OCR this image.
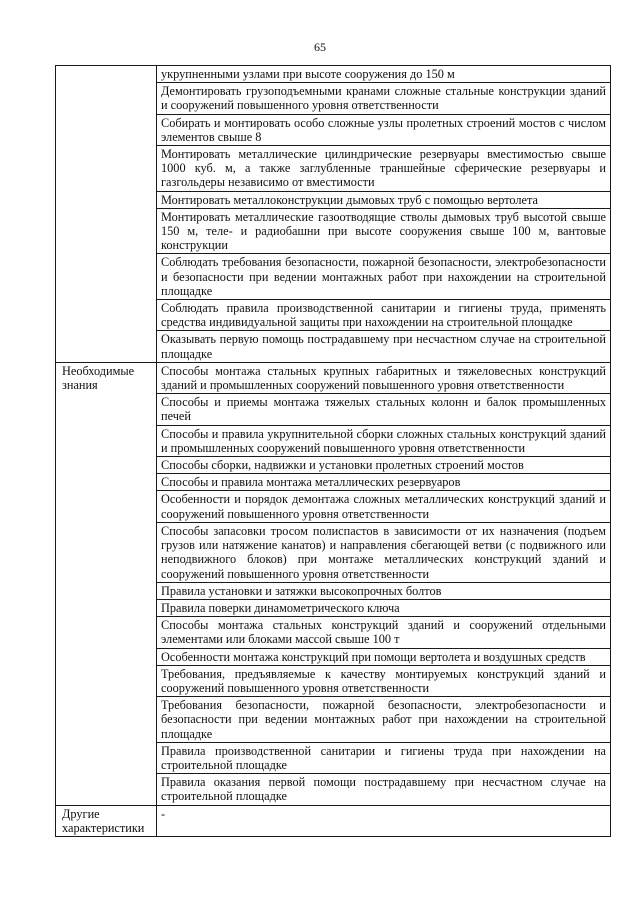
65
	укрупненными узлами при высоте сооружения до 150 м
	Демонтировать грузоподъемными кранами сложные стальные конструкции зданий и сооружений повышенного уровня ответственности
	Собирать и монтировать особо сложные узлы пролетных строений мостов с числом элементов свыше 8
	Монтировать металлические цилиндрические резервуары вместимостью свыше 1000 куб. м, а также заглубленные траншейные сферические резервуары и газгольдеры независимо от вместимости
	Монтировать металлоконструкции дымовых труб с помощью вертолета
	Монтировать металлические газоотводящие стволы дымовых труб высотой свыше 150 м, теле- и радиобашни при высоте сооружения свыше 100 м, вантовые конструкции
	Соблюдать требования безопасности, пожарной безопасности, электробезопасности и безопасности при ведении монтажных работ при нахождении на строительной площадке
	Соблюдать правила производственной санитарии и гигиены труда, применять средства индивидуальной защиты при нахождении на строительной площадке
	Оказывать первую помощь пострадавшему при несчастном случае на строительной площадке
Необходимые знания	Способы монтажа стальных крупных габаритных и тяжеловесных конструкций зданий и промышленных сооружений повышенного уровня ответственности
	Способы и приемы монтажа тяжелых стальных колонн и балок промышленных печей
	Способы и правила укрупнительной сборки сложных стальных конструкций зданий и промышленных сооружений повышенного уровня ответственности
	Способы сборки, надвижки и установки пролетных строений мостов
	Способы и правила монтажа металлических резервуаров
	Особенности и порядок демонтажа сложных металлических конструкций зданий и сооружений повышенного уровня ответственности
	Способы запасовки тросом полиспастов в зависимости от их назначения (подъем грузов или натяжение канатов) и направления сбегающей ветви (с подвижного или неподвижного блоков) при монтаже металлических конструкций зданий и сооружений повышенного уровня ответственности
	Правила установки и затяжки высокопрочных болтов
	Правила поверки динамометрического ключа
	Способы монтажа стальных конструкций зданий и сооружений отдельными элементами или блоками массой свыше 100 т
	Особенности монтажа конструкций при помощи вертолета и воздушных средств
	Требования, предъявляемые к качеству монтируемых конструкций зданий и сооружений повышенного уровня ответственности
	Требования безопасности, пожарной безопасности, электробезопасности и безопасности при ведении монтажных работ при нахождении на строительной площадке
	Правила производственной санитарии и гигиены труда при нахождении на строительной площадке
	Правила оказания первой помощи пострадавшему при несчастном случае на строительной площадке
Другие характеристики	-
